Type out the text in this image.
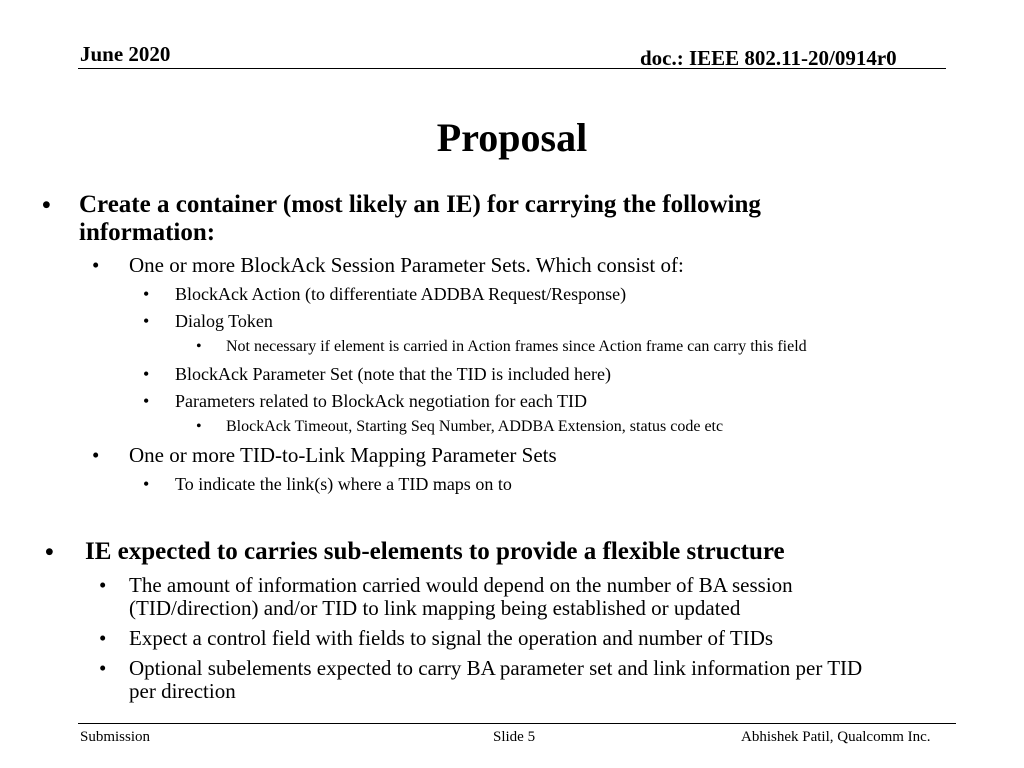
June 2020	doc.: IEEE 802.11-20/0914r0
Proposal
• Create a container (most likely an IE) for carrying the following
information:
• One or more BlockAck Session Parameter Sets. Which consist of:
• BlockAck Action (to differentiate ADDBA Request/Response)
• Dialog Token
• Not necessary if element is carried in Action frames since Action frame can carry this field
• BlockAck Parameter Set (note that the TID is included here)
• Parameters related to BlockAck negotiation for each TID
• BlockAck Timeout, Starting Seq Number, ADDBA Extension, status code etc
• One or more TID-to-Link Mapping Parameter Sets
• To indicate the link(s) where a TID maps on to
• IE expected to carries sub-elements to provide a flexible structure
• The amount of information carried would depend on the number of BA session
(TID/direction) and/or TID to link mapping being established or updated
• Expect a control field with fields to signal the operation and number of TIDs
• Optional subelements expected to carry BA parameter set and link information per TID
per direction
Submission	Slide 5	Abhishek Patil, Qualcomm Inc.
